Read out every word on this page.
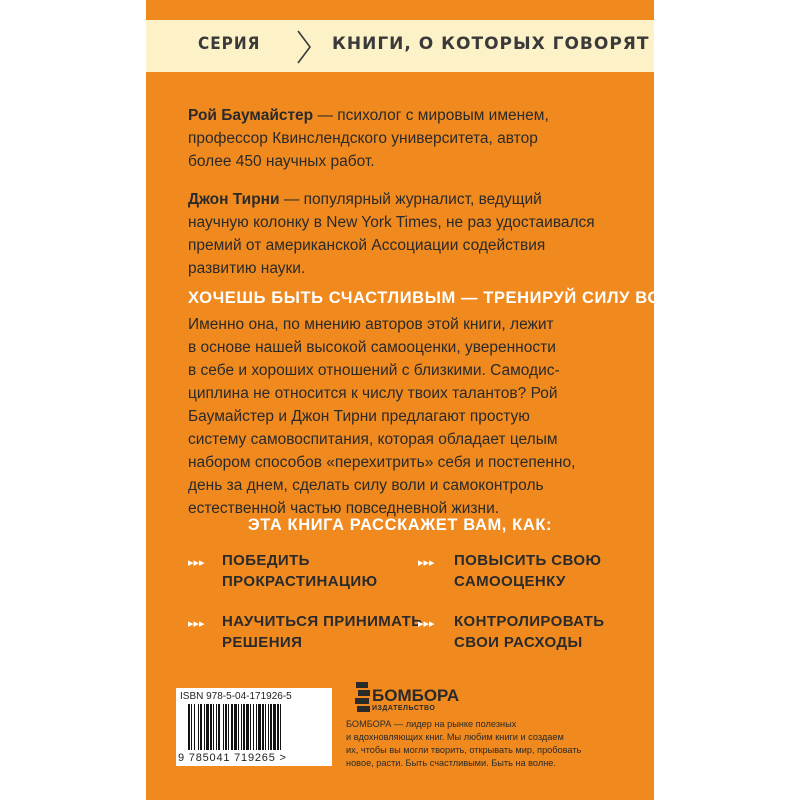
СЕРИЯ	КНИГИ, О КОТОРЫХ ГОВОРЯТ
Рой Баумайстер — психолог с мировым именем,
профессор Квинслендского университета, автор
более 450 научных работ.
Джон Тирни — популярный журналист, ведущий
научную колонку в New York Times, не раз удостаивался
премий от американской Ассоциации содействия
развитию науки.
ХОЧЕШЬ БЫТЬ СЧАСТЛИВЫМ — ТРЕНИРУЙ СИЛУ ВОЛИ.
Именно она, по мнению авторов этой книги, лежит
в основе нашей высокой самооценки, уверенности
в себе и хороших отношений с близкими. Самодис-
циплина не относится к числу твоих талантов? Рой
Баумайстер и Джон Тирни предлагают простую
систему самовоспитания, которая обладает целым
набором способов «перехитрить» себя и постепенно,
день за днем, сделать силу воли и самоконтроль
естественной частью повседневной жизни.
ЭТА КНИГА РАССКАЖЕТ ВАМ, КАК:
▸▸▸ ПОБЕДИТЬ
ПРОКРАСТИНАЦИЮ
▸▸▸ ПОВЫСИТЬ СВОЮ
САМООЦЕНКУ
▸▸▸ НАУЧИТЬСЯ ПРИНИМАТЬ
РЕШЕНИЯ
▸▸▸ КОНТРОЛИРОВАТЬ
СВОИ РАСХОДЫ
ISBN 978-5-04-171926-5
9 785041 719265 >
БОМБОРА
ИЗДАТЕЛЬСТВО
БОМБОРА — лидер на рынке полезных
и вдохновляющих книг. Мы любим книги и создаем
их, чтобы вы могли творить, открывать мир, пробовать
новое, расти. Быть счастливыми. Быть на волне.
